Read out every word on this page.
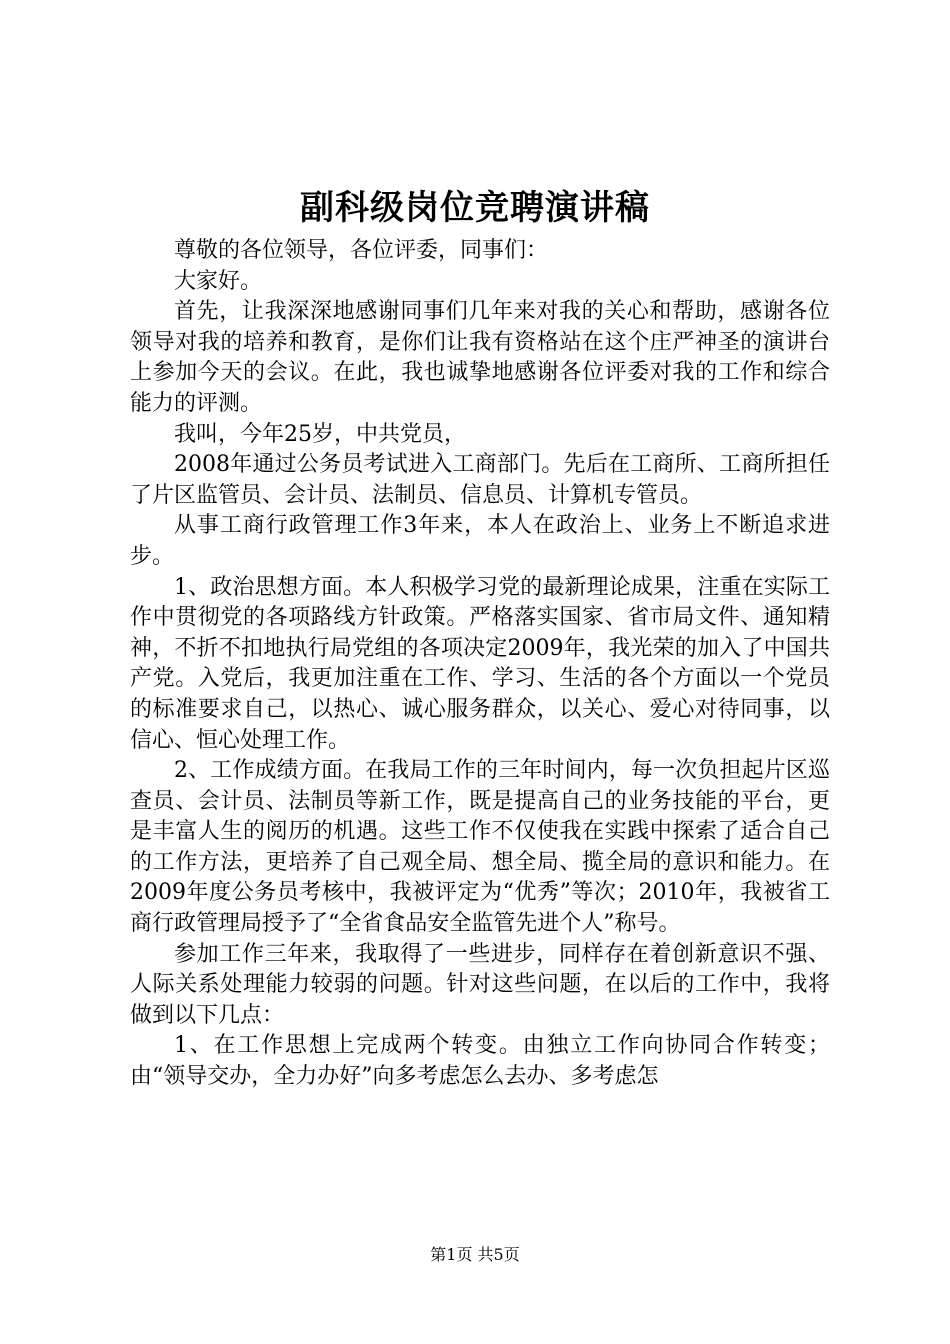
副科级岗位竞聘演讲稿

尊敬的各位领导，各位评委，同事们：

大家好。

首先，让我深深地感谢同事们几年来对我的关心和帮助，感谢各位领导对我的培养和教育，是你们让我有资格站在这个庄严神圣的演讲台上参加今天的会议。在此，我也诚挚地感谢各位评委对我的工作和综合能力的评测。

我叫，今年25岁，中共党员，

2008年通过公务员考试进入工商部门。先后在工商所、工商所担任了片区监管员、会计员、法制员、信息员、计算机专管员。

从事工商行政管理工作3年来，本人在政治上、业务上不断追求进步。

1、政治思想方面。本人积极学习党的最新理论成果，注重在实际工作中贯彻党的各项路线方针政策。严格落实国家、省市局文件、通知精神，不折不扣地执行局党组的各项决定2009年，我光荣的加入了中国共产党。入党后，我更加注重在工作、学习、生活的各个方面以一个党员的标准要求自己，以热心、诚心服务群众，以关心、爱心对待同事，以信心、恒心处理工作。

2、工作成绩方面。在我局工作的三年时间内，每一次负担起片区巡查员、会计员、法制员等新工作，既是提高自己的业务技能的平台，更是丰富人生的阅历的机遇。这些工作不仅使我在实践中探索了适合自己的工作方法，更培养了自己观全局、想全局、揽全局的意识和能力。在2009年度公务员考核中，我被评定为“优秀”等次；2010年，我被省工商行政管理局授予了“全省食品安全监管先进个人”称号。

参加工作三年来，我取得了一些进步，同样存在着创新意识不强、人际关系处理能力较弱的问题。针对这些问题，在以后的工作中，我将做到以下几点：

1、在工作思想上完成两个转变。由独立工作向协同合作转变；由“领导交办，全力办好”向多考虑怎么去办、多考虑怎

第1页 共5页
